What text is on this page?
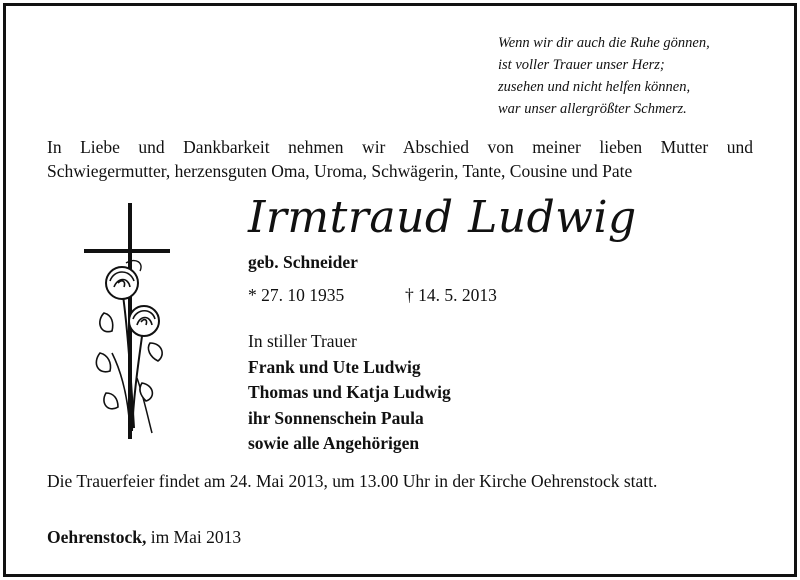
Wenn wir dir auch die Ruhe gönnen,
ist voller Trauer unser Herz;
zusehen und nicht helfen können,
war unser allergrößter Schmerz.
In Liebe und Dankbarkeit nehmen wir Abschied von meiner lieben Mutter und
Schwiegermutter, herzensguten Oma, Uroma, Schwägerin, Tante, Cousine und Pate
Irmtraud Ludwig
geb. Schneider
* 27. 10 1935	† 14. 5. 2013
In stiller Trauer
Frank und Ute Ludwig
Thomas und Katja Ludwig
ihr Sonnenschein Paula
sowie alle Angehörigen
Die Trauerfeier findet am 24. Mai 2013, um 13.00 Uhr in der Kirche Oehrenstock statt.
Oehrenstock, im Mai 2013
